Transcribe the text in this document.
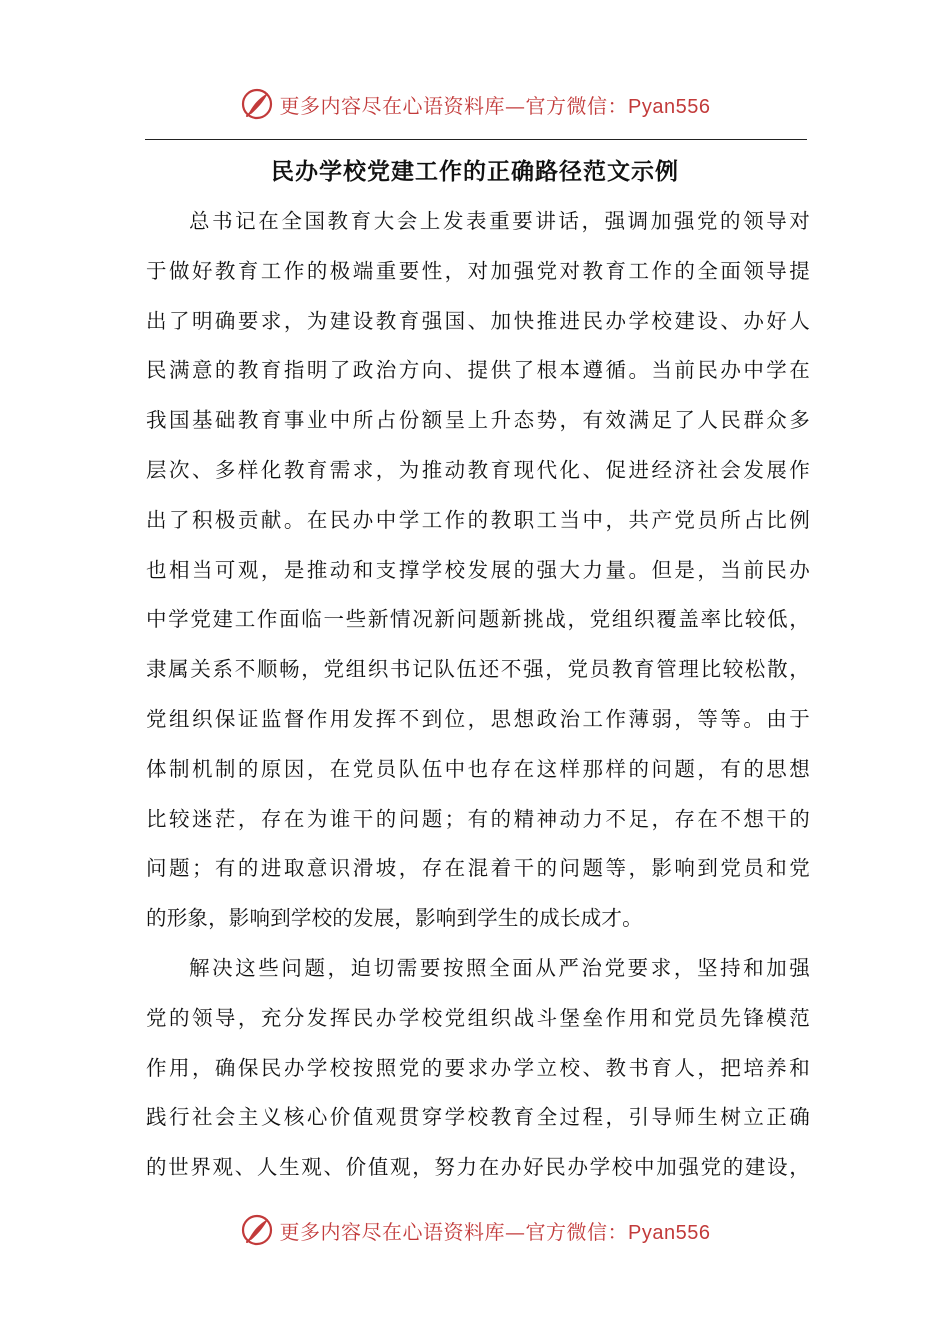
更多内容尽在心语资料库—官方微信：Pyan556
民办学校党建工作的正确路径范文示例
总书记在全国教育大会上发表重要讲话，强调加强党的领导对
于做好教育工作的极端重要性，对加强党对教育工作的全面领导提
出了明确要求，为建设教育强国、加快推进民办学校建设、办好人
民满意的教育指明了政治方向、提供了根本遵循。当前民办中学在
我国基础教育事业中所占份额呈上升态势，有效满足了人民群众多
层次、多样化教育需求，为推动教育现代化、促进经济社会发展作
出了积极贡献。在民办中学工作的教职工当中，共产党员所占比例
也相当可观，是推动和支撑学校发展的强大力量。但是，当前民办
中学党建工作面临一些新情况新问题新挑战，党组织覆盖率比较低，
隶属关系不顺畅，党组织书记队伍还不强，党员教育管理比较松散，
党组织保证监督作用发挥不到位，思想政治工作薄弱，等等。由于
体制机制的原因，在党员队伍中也存在这样那样的问题，有的思想
比较迷茫，存在为谁干的问题；有的精神动力不足，存在不想干的
问题；有的进取意识滑坡，存在混着干的问题等，影响到党员和党
的形象，影响到学校的发展，影响到学生的成长成才。
解决这些问题，迫切需要按照全面从严治党要求，坚持和加强
党的领导，充分发挥民办学校党组织战斗堡垒作用和党员先锋模范
作用，确保民办学校按照党的要求办学立校、教书育人，把培养和
践行社会主义核心价值观贯穿学校教育全过程，引导师生树立正确
的世界观、人生观、价值观，努力在办好民办学校中加强党的建设，
更多内容尽在心语资料库—官方微信：Pyan556
